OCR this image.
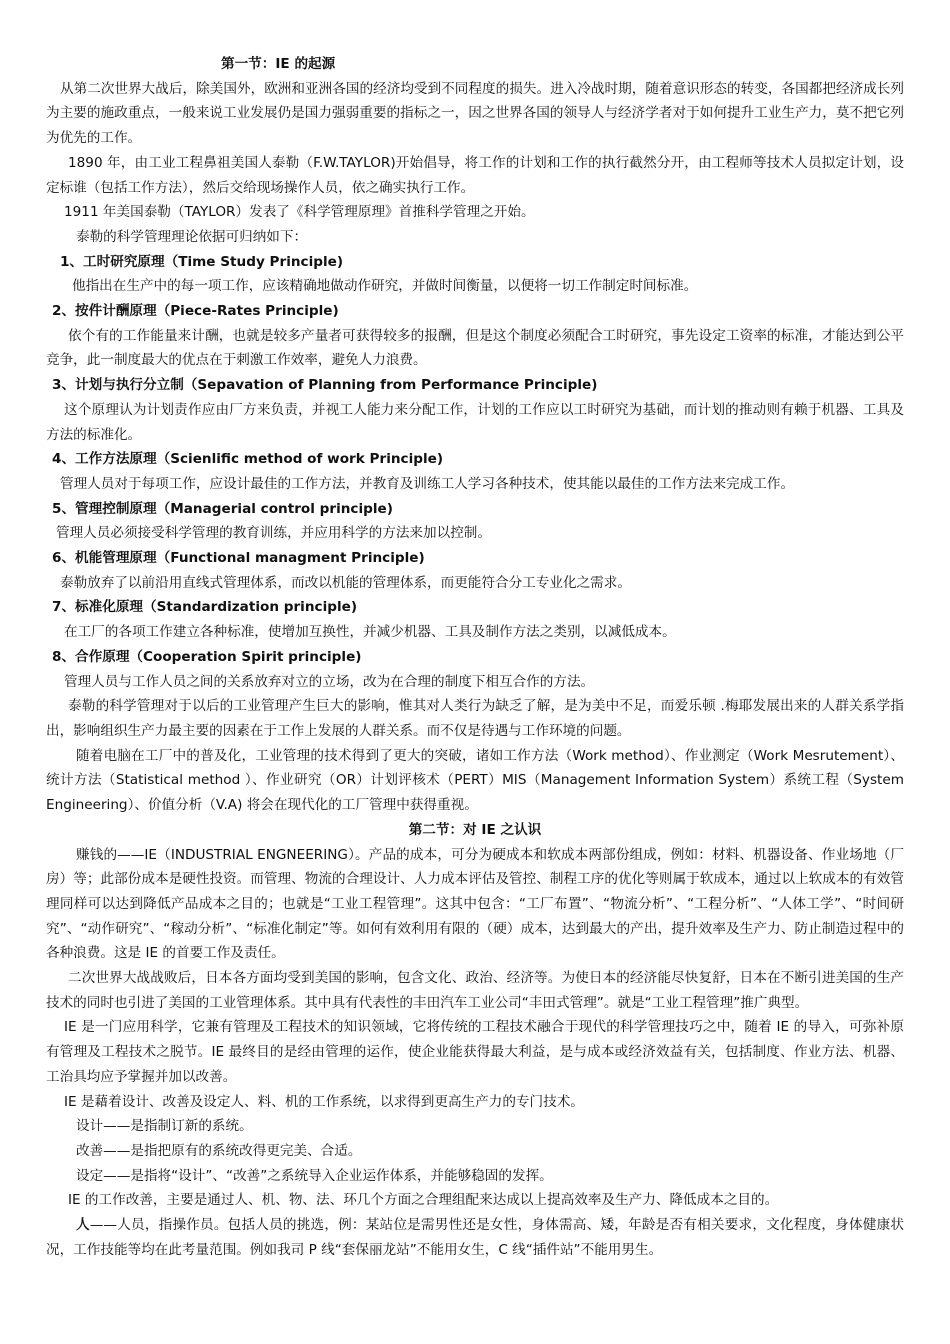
第一节：IE 的起源

从第二次世界大战后，除美国外，欧洲和亚洲各国的经济均受到不同程度的损失。进入冷战时期，随着意识形态的转变，各国都把经济成长列为主要的施政重点，一般来说工业发展仍是国力强弱重要的指标之一，因之世界各国的领导人与经济学者对于如何提升工业生产力，莫不把它列为优先的工作。

1890 年，由工业工程鼻祖美国人泰勒（F.W.TAYLOR)开始倡导，将工作的计划和工作的执行截然分开，由工程师等技术人员拟定计划，设定标谁（包括工作方法），然后交给现场操作人员，依之确实执行工作。

1911 年美国泰勒（TAYLOR）发表了《科学管理原理》首推科学管理之开始。

泰勒的科学管理理论依据可归纳如下：

1、工时研究原理（Time Study Principle)

他指出在生产中的每一项工作，应该精确地做动作研究，并做时间衡量，以便将一切工作制定时间标准。

2、按件计酬原理（Piece-Rates Principle)

依个有的工作能量来计酬，也就是较多产量者可获得较多的报酬，但是这个制度必须配合工时研究，事先设定工资率的标准，才能达到公平竞争，此一制度最大的优点在于刺激工作效率，避免人力浪费。

3、计划与执行分立制（Sepavation of Planning from Performance Principle)

这个原理认为计划责作应由厂方来负责，并视工人能力来分配工作，计划的工作应以工时研究为基础，而计划的推动则有赖于机器、工具及方法的标准化。

4、工作方法原理（Scienlific method of work Principle)

管理人员对于每项工作，应设计最佳的工作方法，并教育及训练工人学习各种技术，使其能以最佳的工作方法来完成工作。

5、管理控制原理（Managerial control principle)

管理人员必须接受科学管理的教育训练，并应用科学的方法来加以控制。

6、机能管理原理（Functional managment Principle)

泰勒放弃了以前沿用直线式管理体系，而改以机能的管理体系，而更能符合分工专业化之需求。

7、标准化原理（Standardization principle)

在工厂的各项工作建立各种标准，使增加互换性，并减少机器、工具及制作方法之类别，以减低成本。

8、合作原理（Cooperation Spirit principle)

管理人员与工作人员之间的关系放弃对立的立场，改为在合理的制度下相互合作的方法。

泰勒的科学管理对于以后的工业管理产生巨大的影响，惟其对人类行为缺乏了解，是为美中不足，而爱乐顿 .梅耶发展出来的人群关系学指出，影响组织生产力最主要的因素在于工作上发展的人群关系。而不仅是待遇与工作环境的问题。

随着电脑在工厂中的普及化，工业管理的技术得到了更大的突破，诸如工作方法（Work method）、作业测定（Work Mesrutement）、统计方法（Statistical method ）、作业研究（OR）计划评核术（PERT）MIS（Management Information System）系统工程（System Engineering）、价值分析（V.A) 将会在现代化的工厂管理中获得重视。

第二节：对 IE 之认识

赚钱的——IE（INDUSTRIAL ENGNEERING）。产品的成本，可分为硬成本和软成本两部份组成，例如：材料、机器设备、作业场地（厂房）等；此部份成本是硬性投资。而管理、物流的合理设计、人力成本评估及管控、制程工序的优化等则属于软成本，通过以上软成本的有效管理同样可以达到降低产品成本之目的；也就是“工业工程管理”。这其中包含：“工厂布置”、“物流分析”、“工程分析”、“人体工学”、“时间研究”、“动作研究”、“稼动分析”、“标准化制定”等。如何有效利用有限的（硬）成本，达到最大的产出，提升效率及生产力、防止制造过程中的各种浪费。这是 IE 的首要工作及责任。

二次世界大战战败后，日本各方面均受到美国的影响，包含文化、政治、经济等。为使日本的经济能尽快复舒，日本在不断引进美国的生产技术的同时也引进了美国的工业管理体系。其中具有代表性的丰田汽车工业公司“丰田式管理”。就是“工业工程管理”推广典型。

IE 是一门应用科学，它兼有管理及工程技术的知识领域，它将传统的工程技术融合于现代的科学管理技巧之中，随着 IE 的导入，可弥补原有管理及工程技术之脱节。IE 最终目的是经由管理的运作，使企业能获得最大利益，是与成本或经济效益有关，包括制度、作业方法、机器、工治具均应予掌握并加以改善。

IE 是藉着设计、改善及设定人、料、机的工作系统，以求得到更高生产力的专门技术。

设计——是指制订新的系统。

改善——是指把原有的系统改得更完美、合适。

设定——是指将“设计”、“改善”之系统导入企业运作体系，并能够稳固的发挥。

IE 的工作改善，主要是通过人、机、物、法、环几个方面之合理组配来达成以上提高效率及生产力、降低成本之目的。

人——人员，指操作员。包括人员的挑选，例：某站位是需男性还是女性，身体需高、矮，年龄是否有相关要求，文化程度，身体健康状况，工作技能等均在此考量范围。例如我司 P 线“套保丽龙站”不能用女生，C 线“插件站”不能用男生。
